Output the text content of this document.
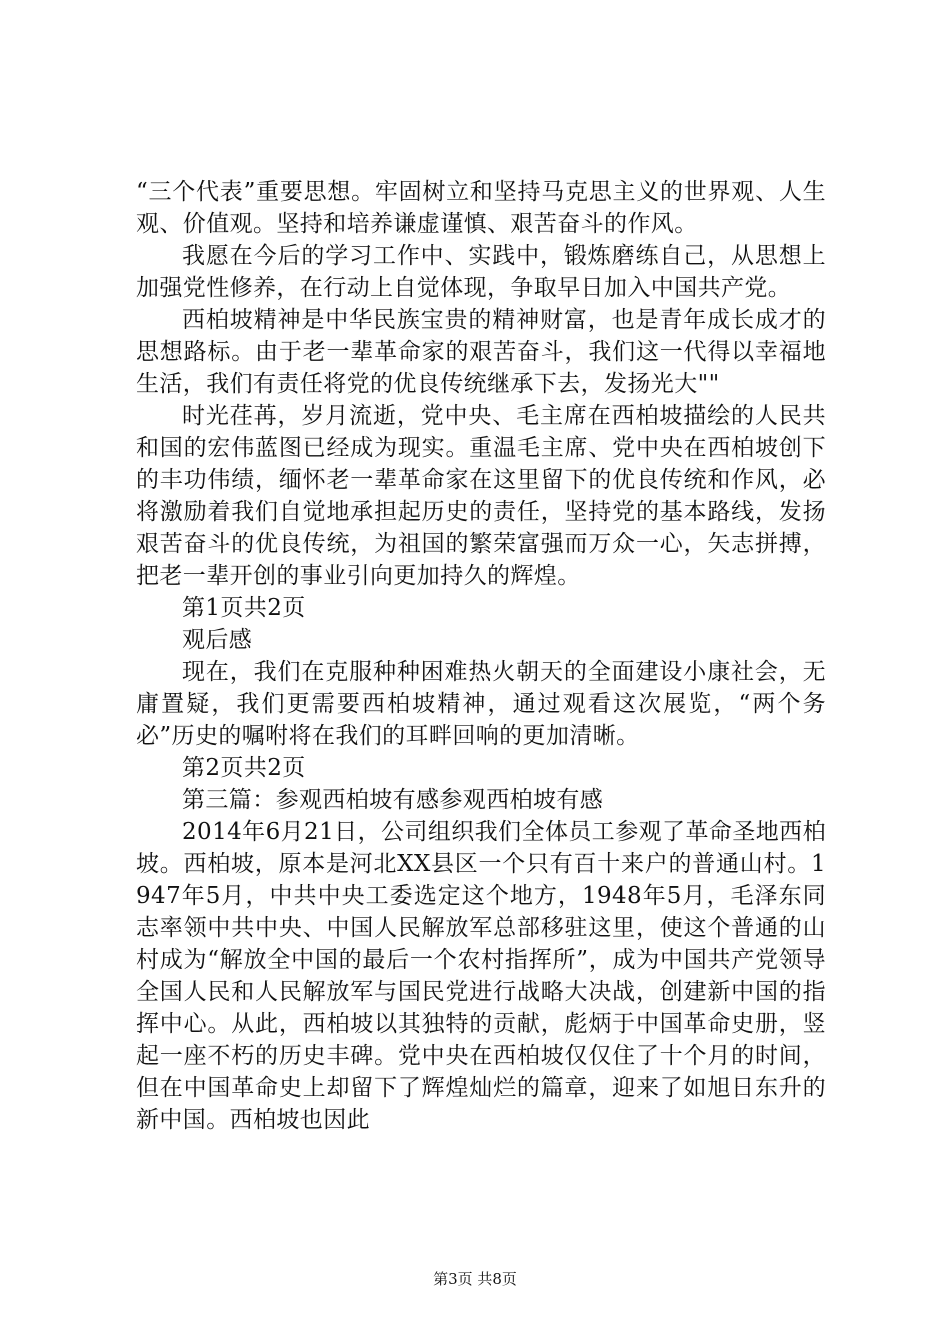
“三个代表”重要思想。牢固树立和坚持马克思主义的世界观、人生观、价值观。坚持和培养谦虚谨慎、艰苦奋斗的作风。

我愿在今后的学习工作中、实践中，锻炼磨练自己，从思想上加强党性修养，在行动上自觉体现，争取早日加入中国共产党。

西柏坡精神是中华民族宝贵的精神财富，也是青年成长成才的思想路标。由于老一辈革命家的艰苦奋斗，我们这一代得以幸福地生活，我们有责任将党的优良传统继承下去，发扬光大""

时光荏苒，岁月流逝，党中央、毛主席在西柏坡描绘的人民共和国的宏伟蓝图已经成为现实。重温毛主席、党中央在西柏坡创下的丰功伟绩，缅怀老一辈革命家在这里留下的优良传统和作风，必将激励着我们自觉地承担起历史的责任，坚持党的基本路线，发扬艰苦奋斗的优良传统，为祖国的繁荣富强而万众一心，矢志拼搏，把老一辈开创的事业引向更加持久的辉煌。

第1页共2页

观后感

现在，我们在克服种种困难热火朝天的全面建设小康社会，无庸置疑，我们更需要西柏坡精神，通过观看这次展览，“两个务必”历史的嘱咐将在我们的耳畔回响的更加清晰。

第2页共2页

第三篇：参观西柏坡有感参观西柏坡有感

2014年6月21日，公司组织我们全体员工参观了革命圣地西柏坡。西柏坡，原本是河北XX县区一个只有百十来户的普通山村。1947年5月，中共中央工委选定这个地方，1948年5月，毛泽东同志率领中共中央、中国人民解放军总部移驻这里，使这个普通的山村成为“解放全中国的最后一个农村指挥所”，成为中国共产党领导全国人民和人民解放军与国民党进行战略大决战，创建新中国的指挥中心。从此，西柏坡以其独特的贡献，彪炳于中国革命史册，竖起一座不朽的历史丰碑。党中央在西柏坡仅仅住了十个月的时间，但在中国革命史上却留下了辉煌灿烂的篇章，迎来了如旭日东升的新中国。西柏坡也因此

第3页 共8页
